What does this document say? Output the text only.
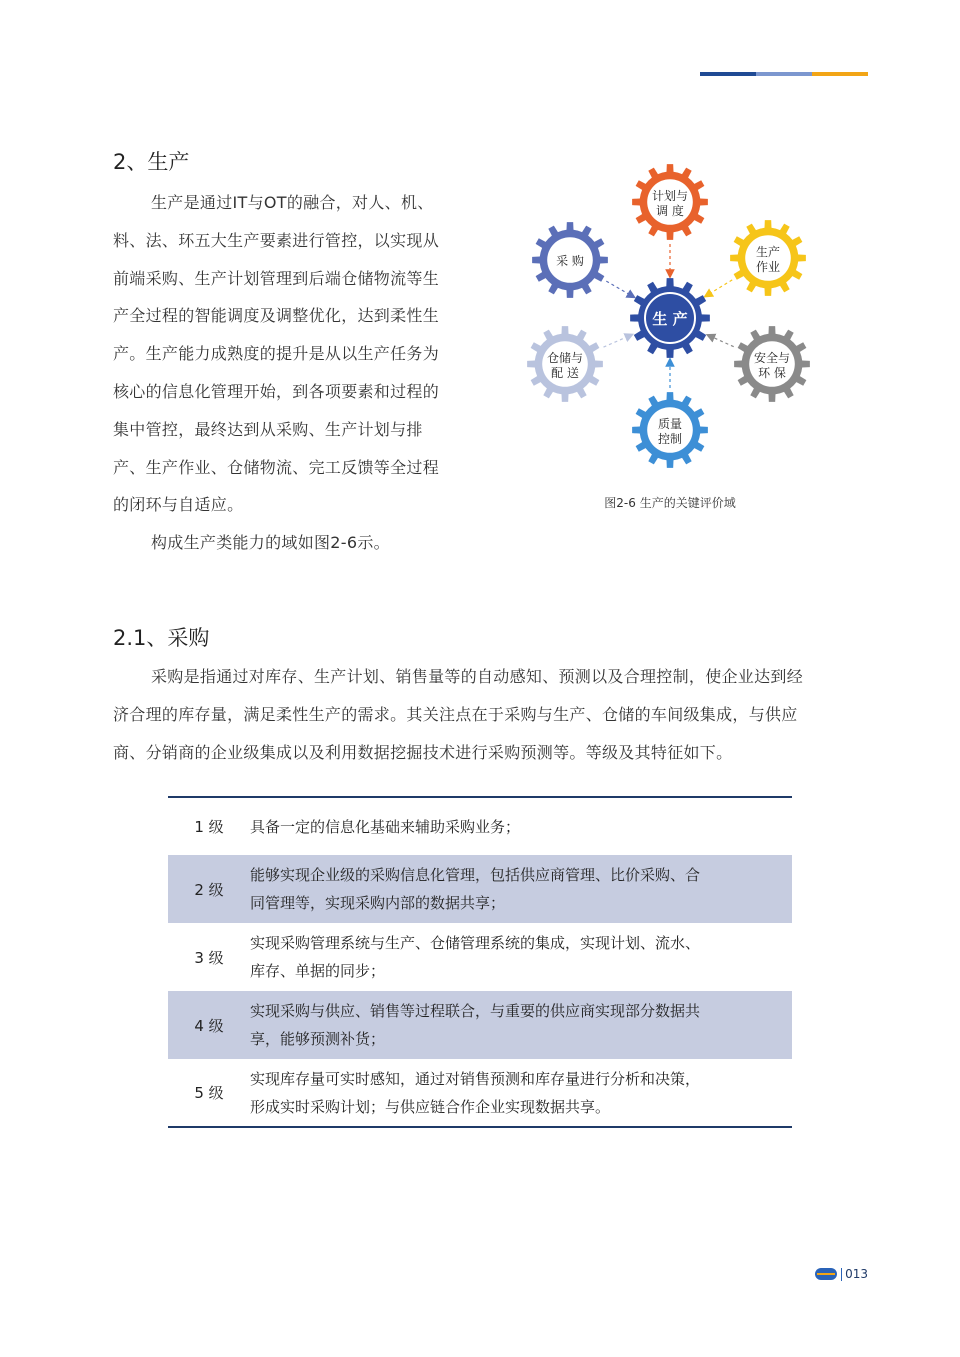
2、生产
生产是通过IT与OT的融合，对人、机、
料、法、环五大生产要素进行管控，以实现从
前端采购、生产计划管理到后端仓储物流等生
产全过程的智能调度及调整优化，达到柔性生
产。生产能力成熟度的提升是从以生产任务为
核心的信息化管理开始，到各项要素和过程的
集中管控，最终达到从采购、生产计划与排
产、生产作业、仓储物流、完工反馈等全过程
的闭环与自适应。
构成生产类能力的域如图2-6示。
计划与
调 度
生产
作业
安全与
环 保
质量
控制
仓储与
配 送
采 购
生 产
图2-6 生产的关键评价域
2.1、采购
采购是指通过对库存、生产计划、销售量等的自动感知、预测以及合理控制，使企业达到经
济合理的库存量，满足柔性生产的需求。其关注点在于采购与生产、仓储的车间级集成，与供应
商、分销商的企业级集成以及利用数据挖掘技术进行采购预测等。等级及其特征如下。
1 级	具备一定的信息化基础来辅助采购业务；

2 级	能够实现企业级的采购信息化管理，包括供应商管理、比价采购、合
同管理等，实现采购内部的数据共享；

3 级	实现采购管理系统与生产、仓储管理系统的集成，实现计划、流水、
库存、单据的同步；

4 级	实现采购与供应、销售等过程联合，与重要的供应商实现部分数据共
享，能够预测补货；

5 级	实现库存量可实时感知，通过对销售预测和库存量进行分析和决策，
形成实时采购计划；与供应链合作企业实现数据共享。
013
